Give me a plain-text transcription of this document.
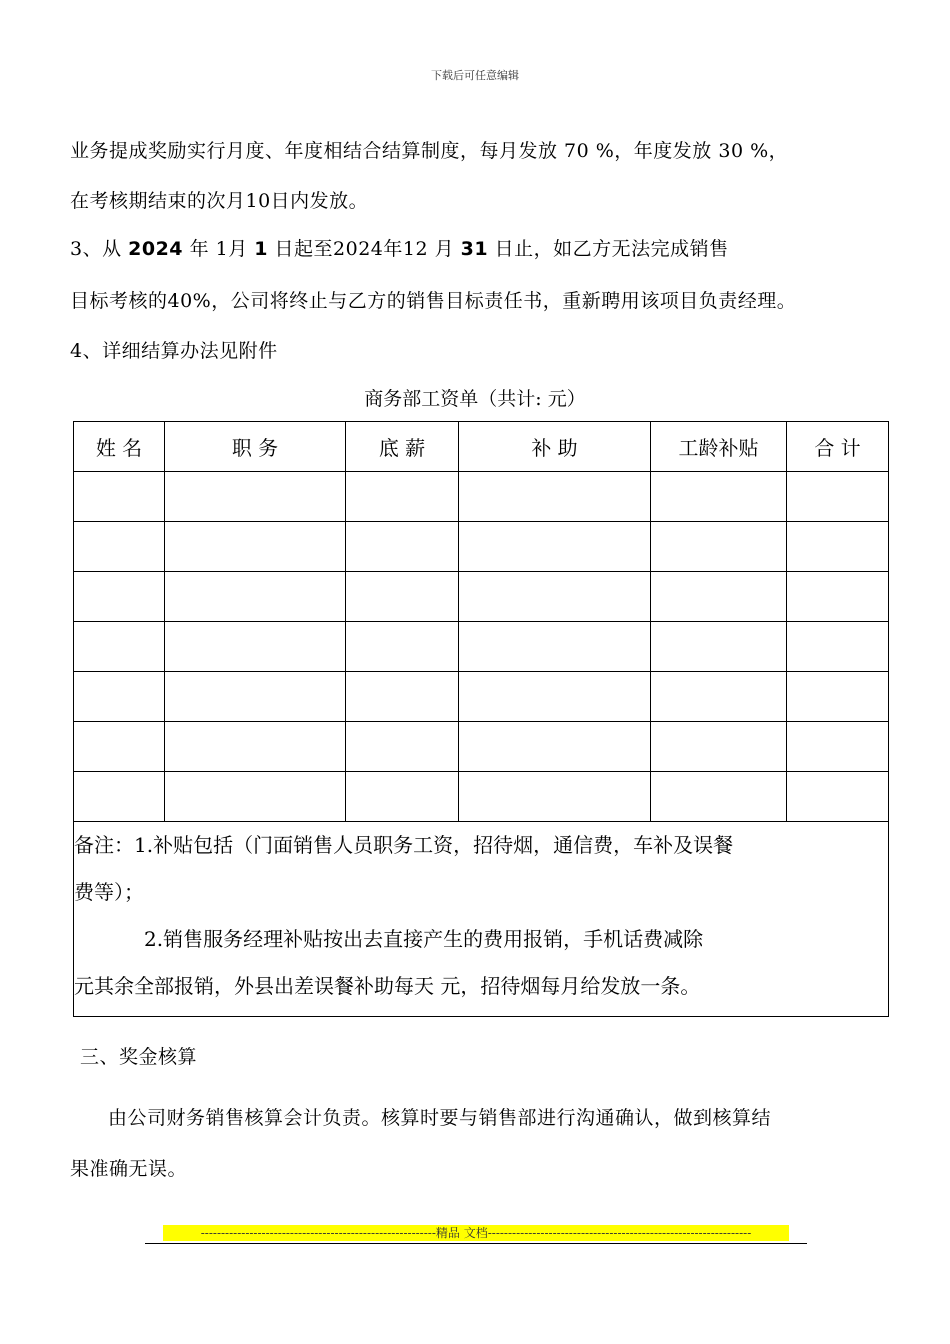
下载后可任意编辑
业务提成奖励实行月度、年度相结合结算制度，每月发放 70 %，年度发放 30 %，
在考核期结束的次月10日内发放。
3、从 2024 年 1月 1 日起至2024年12 月 31 日止，如乙方无法完成销售
目标考核的40%，公司将终止与乙方的销售目标责任书，重新聘用该项目负责经理。
4、详细结算办法见附件
商务部工资单（共计: 元）
姓 名	职 务	底 薪	补 助	工龄补贴	合 计

备注：1.补贴包括（门面销售人员职务工资，招待烟，通信费，车补及误餐

费等）；

2.销售服务经理补贴按出去直接产生的费用报销，手机话费减除

元其余全部报销，外县出差误餐补助每天 元，招待烟每月给发放一条。					

三、奖金核算
由公司财务销售核算会计负责。核算时要与销售部进行沟通确认，做到核算结
果准确无误。
----------------------------------------------------------精品 文档-----------------------------------------------------------------
